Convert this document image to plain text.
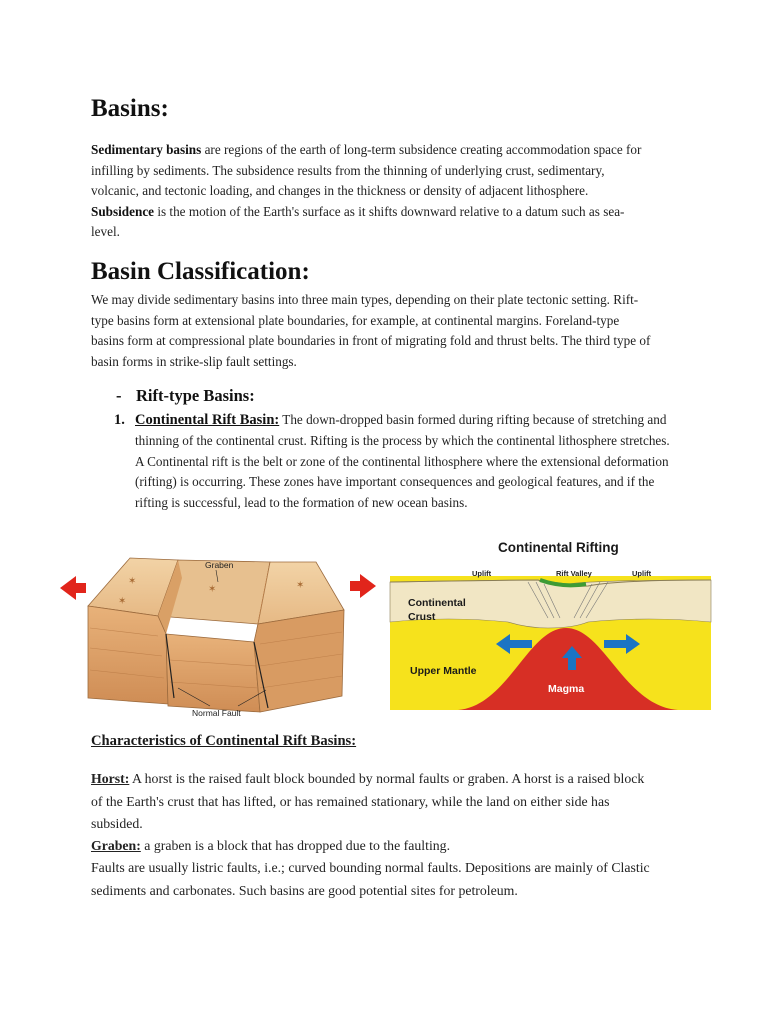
Basins:

Sedimentary basins are regions of the earth of long-term subsidence creating accommodation space for infilling by sediments. The subsidence results from the thinning of underlying crust, sedimentary, volcanic, and tectonic loading, and changes in the thickness or density of adjacent lithosphere. Subsidence is the motion of the Earth's surface as it shifts downward relative to a datum such as sea-level.

Basin Classification:

We may divide sedimentary basins into three main types, depending on their plate tectonic setting. Rift-type basins form at extensional plate boundaries, for example, at continental margins. Foreland-type basins form at compressional plate boundaries in front of migrating fold and thrust belts. The third type of basin forms in strike-slip fault settings.

- Rift-type Basins:
1. Continental Rift Basin: The down-dropped basin formed during rifting because of stretching and thinning of the continental crust. Rifting is the process by which the continental lithosphere stretches. A Continental rift is the belt or zone of the continental lithosphere where the extensional deformation (rifting) is occurring. These zones have important consequences and geological features, and if the rifting is successful, lead to the formation of new ocean basins.
✶
✶	✶
✶
Graben
Normal Fault
Continental Rifting
Uplift	Rift Valley	Uplift
Continental
Crust
Upper Mantle
Magma
Characteristics of Continental Rift Basins:

Horst: A horst is the raised fault block bounded by normal faults or graben. A horst is a raised block of the Earth's crust that has lifted, or has remained stationary, while the land on either side has subsided.

Graben: a graben is a block that has dropped due to the faulting.

Faults are usually listric faults, i.e.; curved bounding normal faults. Depositions are mainly of Clastic sediments and carbonates. Such basins are good potential sites for petroleum.
